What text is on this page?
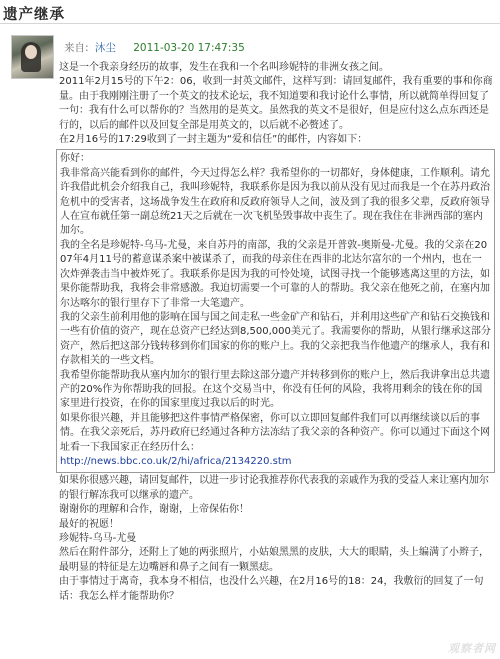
遗产继承
来自: 沐尘 2011-03-20 17:47:35

这是一个我亲身经历的故事，发生在我和一个名叫珍妮特的非洲女孩之间。

2011年2月15号的下午2：06，收到一封英文邮件，这样写到：请回复邮件，我有重要的事和你商量。由于我刚刚注册了一个英文的技术论坛，我不知道要和我讨论什么事情，所以就简单得回复了一句：我有什么可以帮你的？当然用的是英文。虽然我的英文不是很好，但是应付这么点东西还是行的，以后的邮件以及回复全部是用英文的，以后就不必赘述了。

在2月16号的17:29收到了一封主题为“爱和信任”的邮件，内容如下：

你好：

我非常高兴能看到你的邮件，今天过得怎么样？我希望你的一切都好，身体健康，工作顺利。请允许我借此机会介绍我自己，我叫珍妮特，我联系你是因为我以前从没有见过而我是一个在苏丹政治危机中的受害者，这场战争发生在政府和反政府领导人之间，波及到了我的很多父辈，反政府领导人在宣布就任第一副总统21天之后就在一次飞机坠毁事故中丧生了。现在我住在非洲西部的塞内加尔。

我的全名是珍妮特-乌马-尤曼，来自苏丹的南部，我的父亲是开普敦-奥斯曼-尤曼。我的父亲在2007年4月11号的蓄意谋杀案中被谋杀了，而我的母亲住在西非的北达尔富尔的一个州内，也在一次炸弹袭击当中被炸死了。我联系你是因为我的可怜处境，试图寻找一个能够逃离这里的方法，如果你能帮助我，我将会非常感激。我迫切需要一个可靠的人的帮助。我父亲在他死之前，在塞内加尔达喀尔的银行里存下了非常一大笔遗产。

我的父亲生前利用他的影响在国与国之间走私一些金矿产和钻石，并利用这些矿产和钻石交换钱和一些有价值的资产，现在总资产已经达到8,500,000美元了。我需要你的帮助，从银行继承这部分资产，然后把这部分钱转移到你们国家的你的账户上。我的父亲把我当作他遗产的继承人，我有和存款相关的一些文档。

我希望你能帮助我从塞内加尔的银行里去除这部分遗产并转移到你的账户上，然后我讲拿出总共遗产的20%作为你帮助我的回报。在这个交易当中，你没有任何的风险，我将用剩余的钱在你的国家里进行投资，在你的国家里度过我以后的时光。

如果你很兴趣，并且能够把这件事情严格保密，你可以立即回复邮件我们可以再继续谈以后的事情。在我父亲死后，苏丹政府已经通过各种方法冻结了我父亲的各种资产。你可以通过下面这个网址看一下我国家正在经历什么：

http://news.bbc.co.uk/2/hi/africa/2134220.stm

如果你很感兴趣，请回复邮件，以进一步讨论我推荐你代表我的亲戚作为我的受益人来让塞内加尔的银行解冻我可以继承的遗产。

谢谢你的理解和合作，谢谢，上帝保佑你！

最好的祝愿！

珍妮特-乌马-尤曼

然后在附件部分，还附上了她的两张照片，小姑娘黑黑的皮肤，大大的眼睛，头上编满了小辫子，最明显的特征是左边嘴唇和鼻子之间有一颗黑痣。

由于事情过于离奇，我本身不相信，也没什么兴趣，在2月16号的18：24，我敷衍的回复了一句话：我怎么样才能帮助你？

观察者网
